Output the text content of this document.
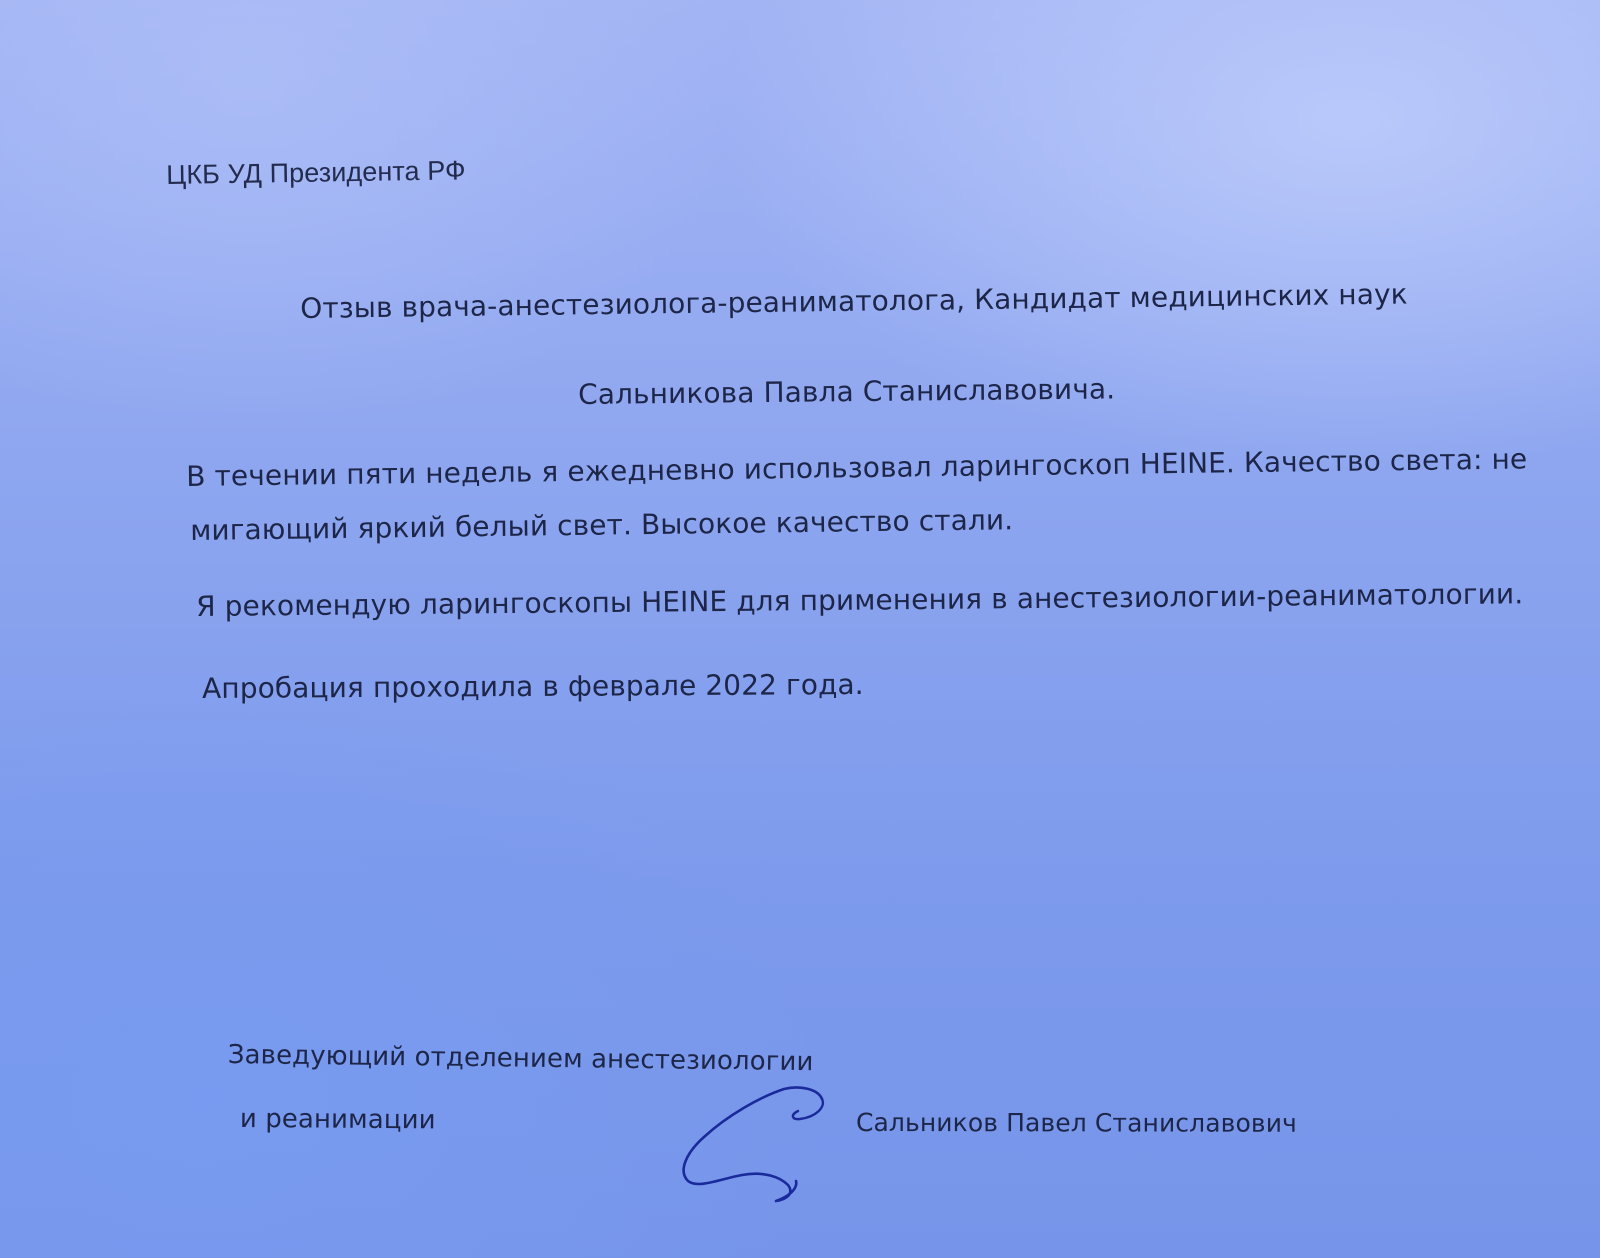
ЦКБ УД Президента РФ
Отзыв врача-анестезиолога-реаниматолога, Кандидат медицинских наук
Сальникова Павла Станиславовича.
В течении пяти недель я ежедневно использовал ларингоскоп HEINE. Качество света: не
мигающий яркий белый свет. Высокое качество стали.
Я рекомендую ларингоскопы HEINE для применения в анестезиологии-реаниматологии.
Апробация проходила в феврале 2022 года.
Заведующий отделением анестезиологии
и реанимации	Сальников Павел Станиславович
